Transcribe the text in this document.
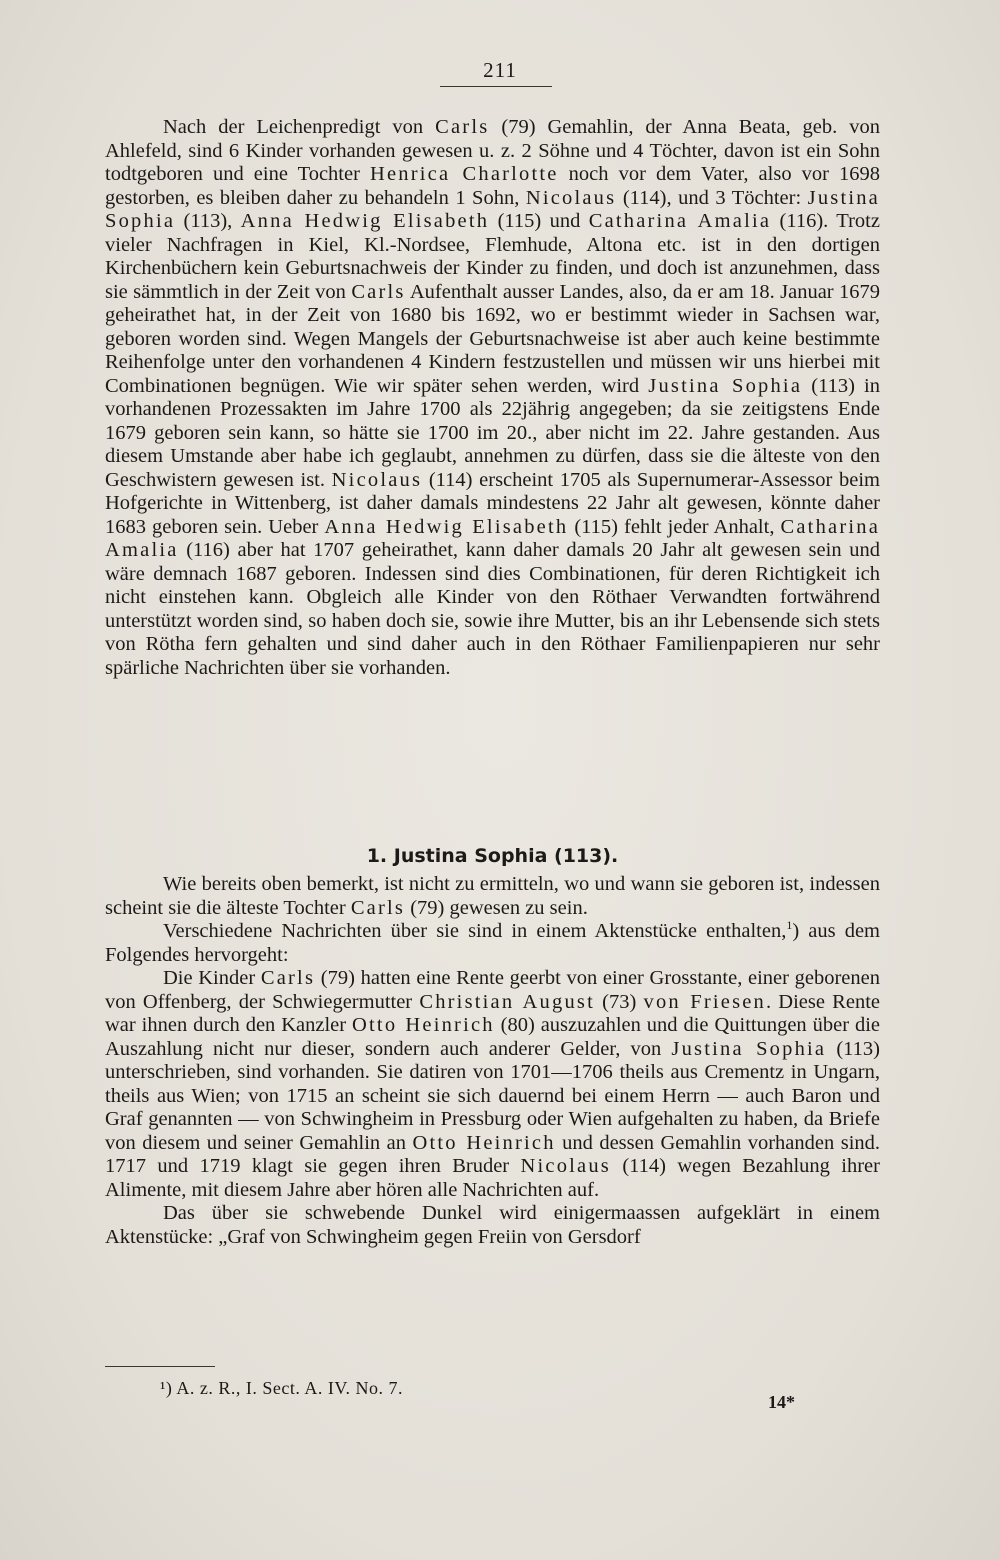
211

Nach der Leichenpredigt von Carls (79) Gemahlin, der Anna Beata, geb. von Ahlefeld, sind 6 Kinder vorhanden gewesen u. z. 2 Söhne und 4 Töchter, davon ist ein Sohn todtgeboren und eine Tochter Henrica Charlotte noch vor dem Vater, also vor 1698 gestorben, es bleiben daher zu behandeln 1 Sohn, Nicolaus (114), und 3 Töchter: Justina Sophia (113), Anna Hedwig Elisabeth (115) und Catharina Amalia (116). Trotz vieler Nachfragen in Kiel, Kl.-Nordsee, Flemhude, Altona etc. ist in den dortigen Kirchenbüchern kein Geburtsnachweis der Kinder zu finden, und doch ist anzunehmen, dass sie sämmtlich in der Zeit von Carls Aufenthalt ausser Landes, also, da er am 18. Januar 1679 geheirathet hat, in der Zeit von 1680 bis 1692, wo er bestimmt wieder in Sachsen war, geboren worden sind. Wegen Mangels der Geburtsnachweise ist aber auch keine bestimmte Reihenfolge unter den vorhandenen 4 Kindern festzustellen und müssen wir uns hierbei mit Combinationen begnügen. Wie wir später sehen werden, wird Justina Sophia (113) in vorhandenen Prozessakten im Jahre 1700 als 22jährig angegeben; da sie zeitigstens Ende 1679 geboren sein kann, so hätte sie 1700 im 20., aber nicht im 22. Jahre gestanden. Aus diesem Umstande aber habe ich geglaubt, annehmen zu dürfen, dass sie die älteste von den Geschwistern gewesen ist. Nicolaus (114) erscheint 1705 als Supernumerar-Assessor beim Hofgerichte in Wittenberg, ist daher damals mindestens 22 Jahr alt gewesen, könnte daher 1683 geboren sein. Ueber Anna Hedwig Elisabeth (115) fehlt jeder Anhalt, Catharina Amalia (116) aber hat 1707 geheirathet, kann daher damals 20 Jahr alt gewesen sein und wäre demnach 1687 geboren. Indessen sind dies Combinationen, für deren Richtigkeit ich nicht einstehen kann. Obgleich alle Kinder von den Röthaer Verwandten fortwährend unterstützt worden sind, so haben doch sie, sowie ihre Mutter, bis an ihr Lebensende sich stets von Rötha fern gehalten und sind daher auch in den Röthaer Familienpapieren nur sehr spärliche Nachrichten über sie vorhanden.

1. Justina Sophia (113).

Wie bereits oben bemerkt, ist nicht zu ermitteln, wo und wann sie geboren ist, indessen scheint sie die älteste Tochter Carls (79) gewesen zu sein.

Verschiedene Nachrichten über sie sind in einem Aktenstücke enthalten,$^1$) aus dem Folgendes hervorgeht:

Die Kinder Carls (79) hatten eine Rente geerbt von einer Grosstante, einer geborenen von Offenberg, der Schwiegermutter Christian August (73) von Friesen. Diese Rente war ihnen durch den Kanzler Otto Heinrich (80) auszuzahlen und die Quittungen über die Auszahlung nicht nur dieser, sondern auch anderer Gelder, von Justina Sophia (113) unterschrieben, sind vorhanden. Sie datiren von 1701—1706 theils aus Crementz in Ungarn, theils aus Wien; von 1715 an scheint sie sich dauernd bei einem Herrn — auch Baron und Graf genannten — von Schwingheim in Pressburg oder Wien aufgehalten zu haben, da Briefe von diesem und seiner Gemahlin an Otto Heinrich und dessen Gemahlin vorhanden sind. 1717 und 1719 klagt sie gegen ihren Bruder Nicolaus (114) wegen Bezahlung ihrer Alimente, mit diesem Jahre aber hören alle Nachrichten auf.

Das über sie schwebende Dunkel wird einigermaassen aufgeklärt in einem Aktenstücke: „Graf von Schwingheim gegen Freiin von Gersdorf

¹) A. z. R., I. Sect. A. IV. No. 7.
14*
